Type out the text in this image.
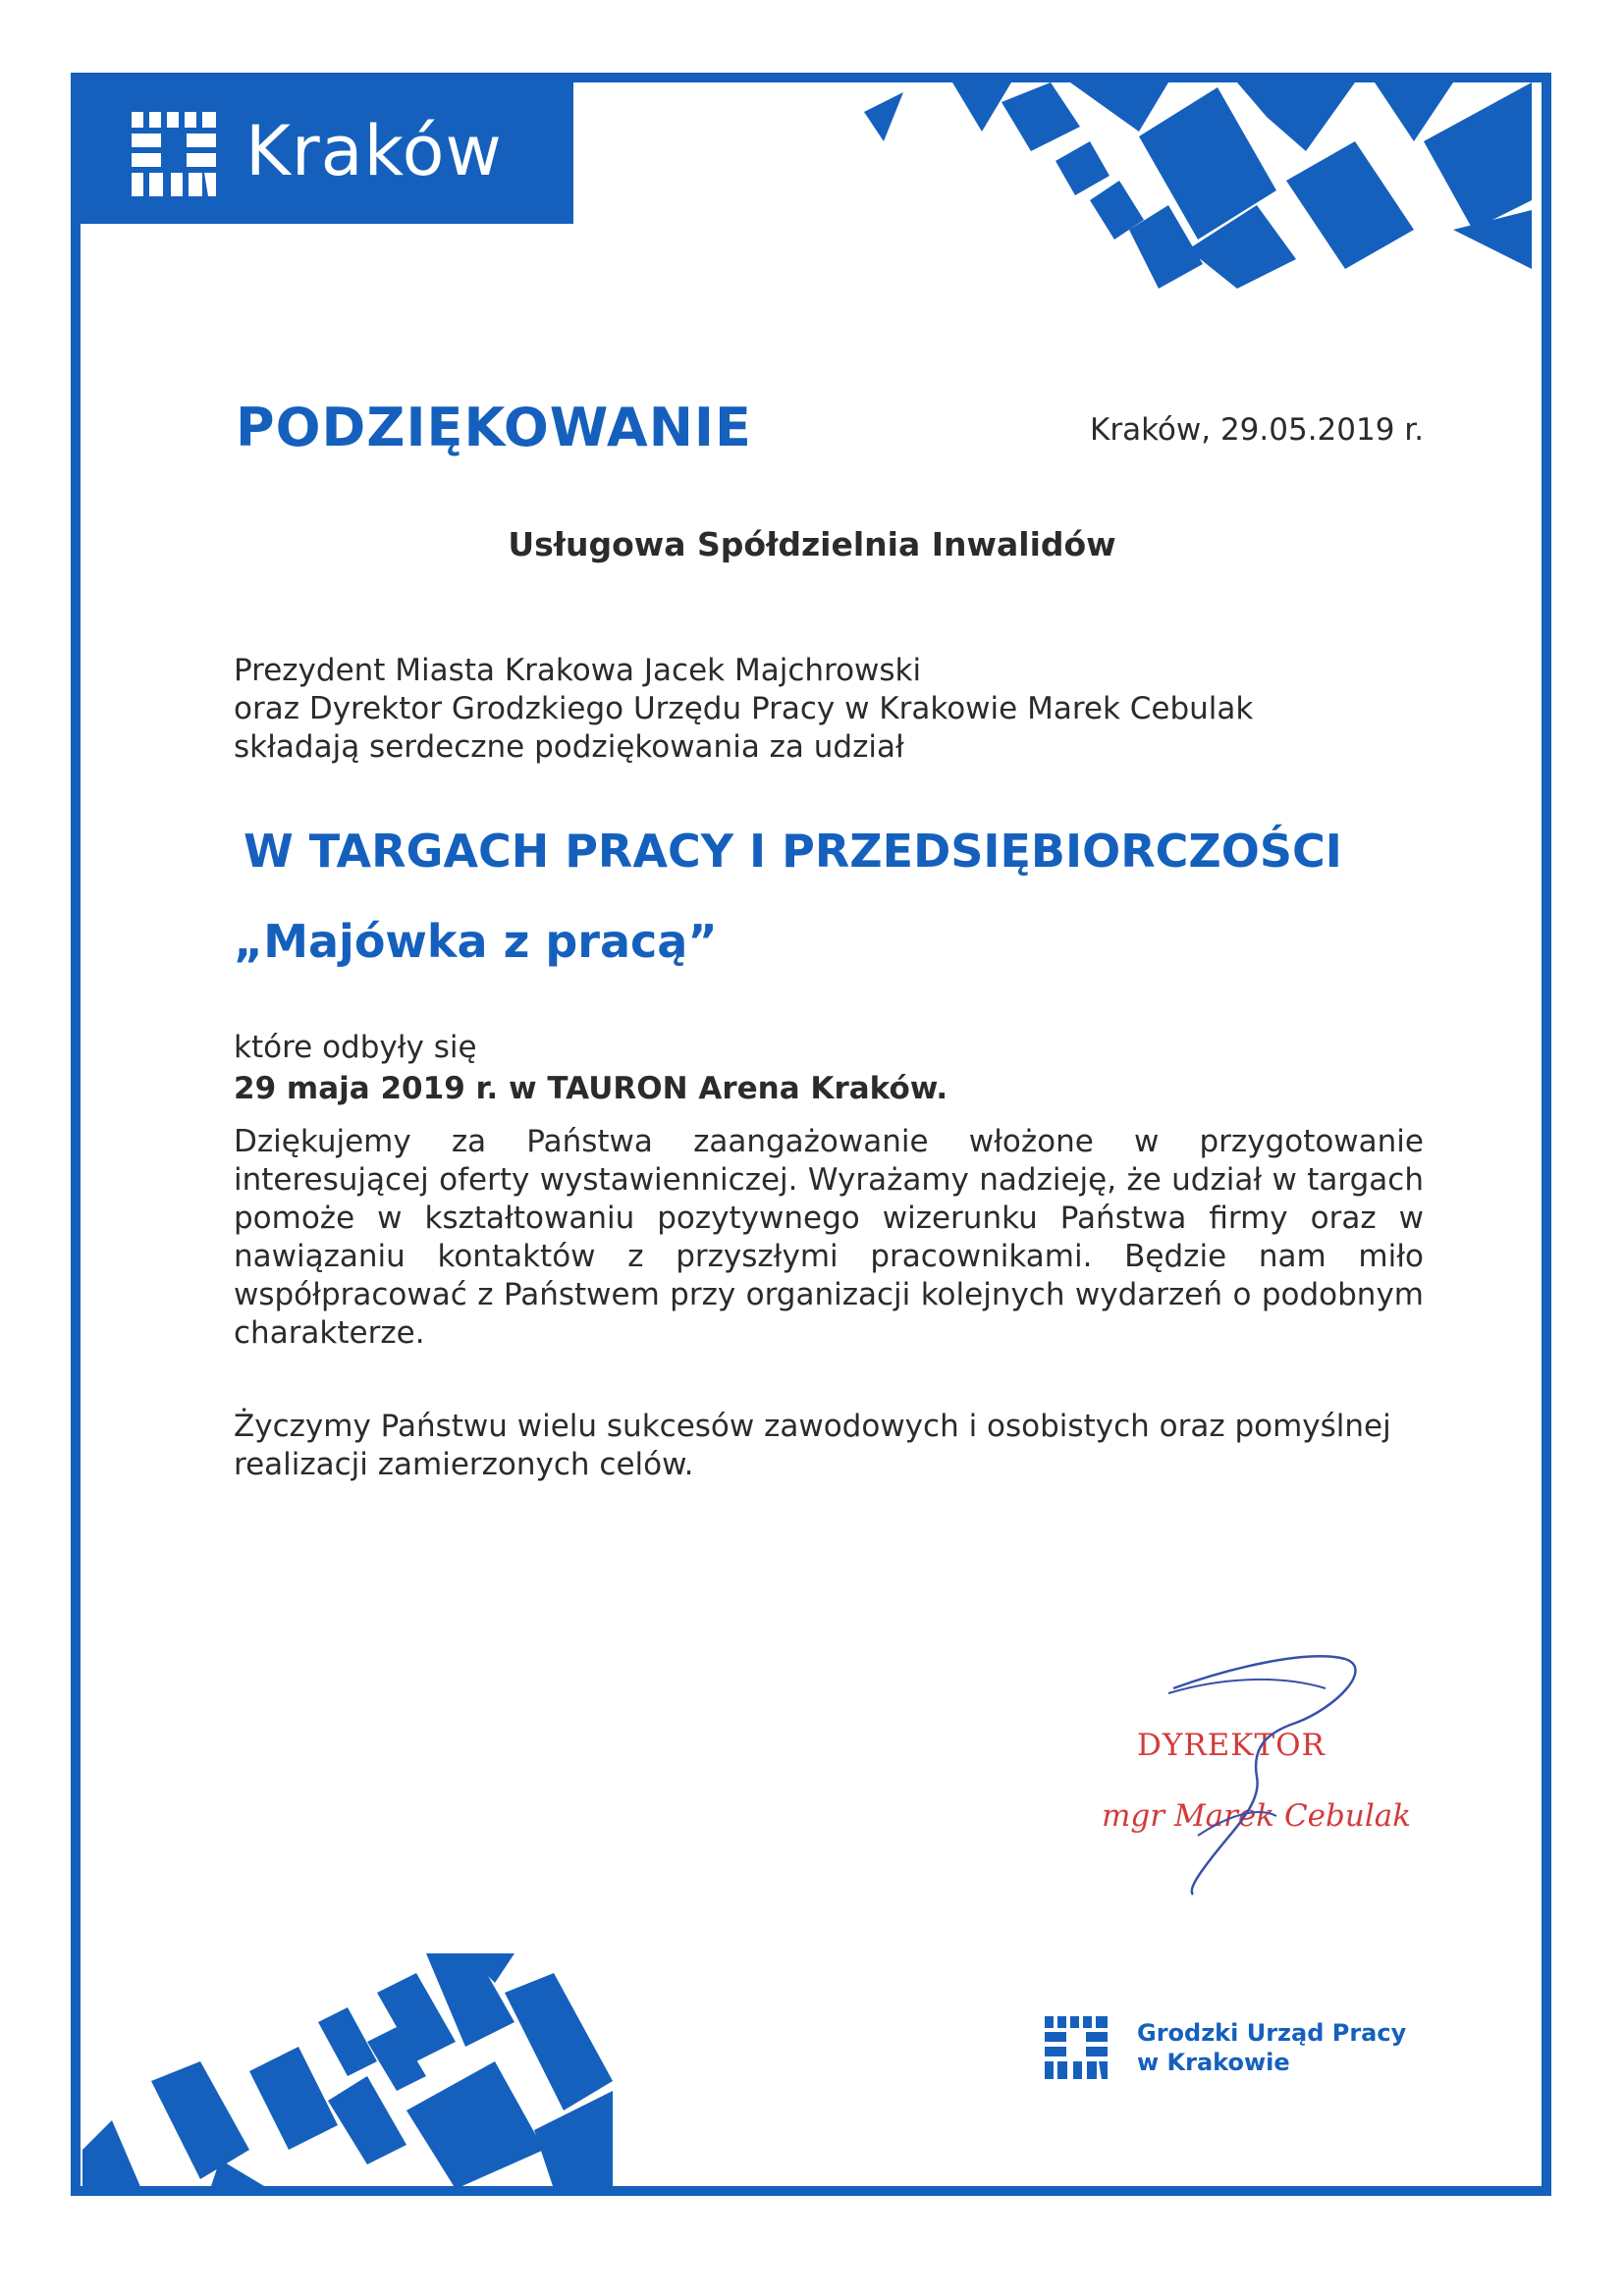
Kraków
PODZIĘKOWANIE	Kraków, 29.05.2019 r.
Usługowa Spółdzielnia Inwalidów
Prezydent Miasta Krakowa Jacek Majchrowski
oraz Dyrektor Grodzkiego Urzędu Pracy w Krakowie Marek Cebulak
składają serdeczne podziękowania za udział
W TARGACH PRACY I PRZEDSIĘBIORCZOŚCI
„Majówka z pracą”
które odbyły się
29 maja 2019 r. w TAURON Arena Kraków.
Dziękujemy za Państwa zaangażowanie włożone w przygotowanie interesującej oferty wystawienniczej. Wyrażamy nadzieję, że udział w targach pomoże w kształtowaniu pozytywnego wizerunku Państwa firmy oraz w nawiązaniu kontaktów z przyszłymi pracownikami. Będzie nam miło współpracować z Państwem przy organizacji kolejnych wydarzeń o podobnym charakterze.
Życzymy Państwu wielu sukcesów zawodowych i osobistych oraz pomyślnej realizacji zamierzonych celów.
DYREKTOR
mgr Marek Cebulak
Grodzki Urząd Pracy
w Krakowie
